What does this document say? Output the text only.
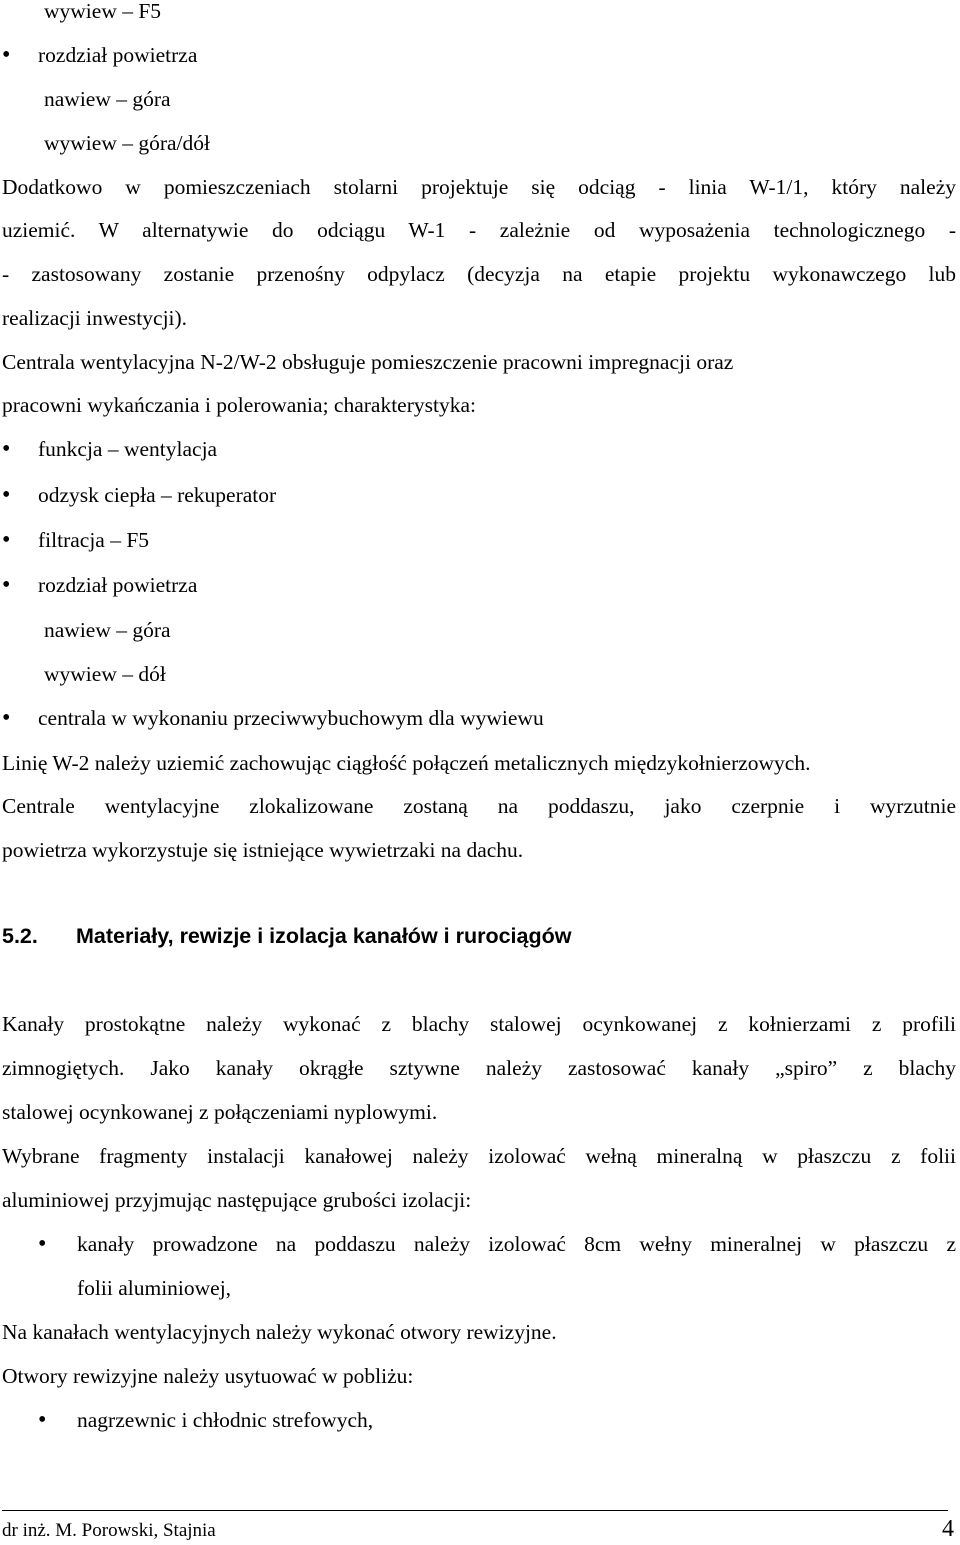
wywiew – F5
• rozdział powietrza
nawiew – góra
wywiew – góra/dół
Dodatkowo w pomieszczeniach stolarni projektuje się odciąg - linia W-1/1, który należy
uziemić. W alternatywie do odciągu W-1 - zależnie od wyposażenia technologicznego -
- zastosowany zostanie przenośny odpylacz (decyzja na etapie projektu wykonawczego lub
realizacji inwestycji).
Centrala wentylacyjna N-2/W-2 obsługuje pomieszczenie pracowni impregnacji oraz
pracowni wykańczania i polerowania; charakterystyka:
• funkcja – wentylacja
• odzysk ciepła – rekuperator
• filtracja – F5
• rozdział powietrza
nawiew – góra
wywiew – dół
• centrala w wykonaniu przeciwwybuchowym dla wywiewu
Linię W-2 należy uziemić zachowując ciągłość połączeń metalicznych międzykołnierzowych.
Centrale wentylacyjne zlokalizowane zostaną na poddaszu, jako czerpnie i wyrzutnie
powietrza wykorzystuje się istniejące wywietrzaki na dachu.
5.2. Materiały, rewizje i izolacja kanałów i rurociągów
Kanały prostokątne należy wykonać z blachy stalowej ocynkowanej z kołnierzami z profili
zimnogiętych. Jako kanały okrągłe sztywne należy zastosować kanały „spiro” z blachy
stalowej ocynkowanej z połączeniami nyplowymi.
Wybrane fragmenty instalacji kanałowej należy izolować wełną mineralną w płaszczu z folii
aluminiowej przyjmując następujące grubości izolacji:
• kanały prowadzone na poddaszu należy izolować 8cm wełny mineralnej w płaszczu z
folii aluminiowej,
Na kanałach wentylacyjnych należy wykonać otwory rewizyjne.
Otwory rewizyjne należy usytuować w pobliżu:
• nagrzewnic i chłodnic strefowych,
dr inż. M. Porowski, Stajnia	4
